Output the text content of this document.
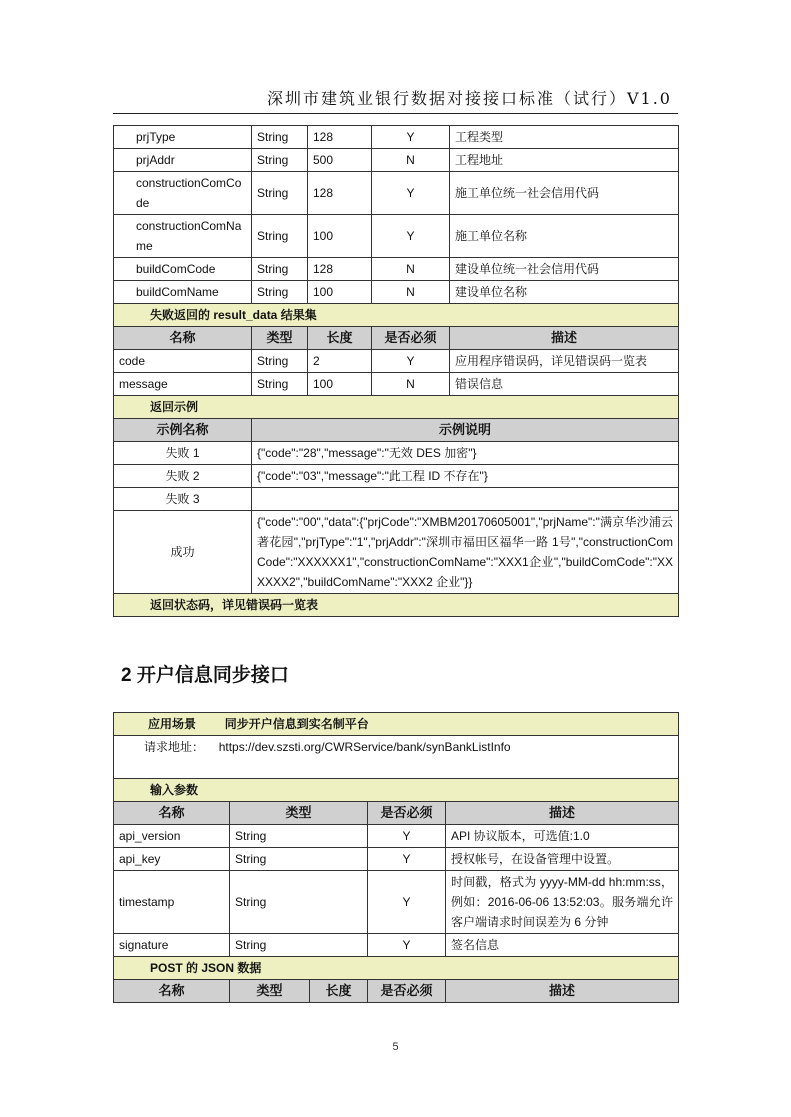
深圳市建筑业银行数据对接接口标准（试行）V1.0
prjType	String	128	Y	工程类型
prjAddr	String	500	N	工程地址
constructionComCode	String	128	Y	施工单位统一社会信用代码
constructionComName	String	100	Y	施工单位名称
buildComCode	String	128	N	建设单位统一社会信用代码
buildComName	String	100	N	建设单位名称
失败返回的 result_data 结果集				
名称	类型	长度	是否必须	描述
code	String	2	Y	应用程序错误码，详见错误码一览表
message	String	100	N	错误信息
返回示例				
示例名称	示例说明			
失败 1	{"code":"28","message":"无效 DES 加密"}			
失败 2	{"code":"03","message":"此工程 ID 不存在"}			
失败 3				
成功	{"code":"00","data":{"prjCode":"XMBM20170605001","prjName":"满京华沙浦云著花园","prjType":"1","prjAddr":"深圳市福田区福华一路 1号","constructionComCode":"XXXXXX1","constructionComName":"XXX1企业","buildComCode":"XXXXXX2","buildComName":"XXX2 企业"}}			
返回状态码，详见错误码一览表				
2 开户信息同步接口
应用场景 同步开户信息到实名制平台				
请求地址： https://dev.szsti.org/CWRService/bank/synBankListInfo				
输入参数				
名称	类型		是否必须	描述
api_version	String		Y	API 协议版本，可选值:1.0
api_key	String		Y	授权帐号，在设备管理中设置。
timestamp	String		Y	时间戳，格式为 yyyy-MM-dd hh:mm:ss，例如：2016-06-06 13:52:03。服务端允许客户端请求时间误差为 6 分钟
signature	String		Y	签名信息
POST 的 JSON 数据				
名称	类型	长度	是否必须	描述
5
